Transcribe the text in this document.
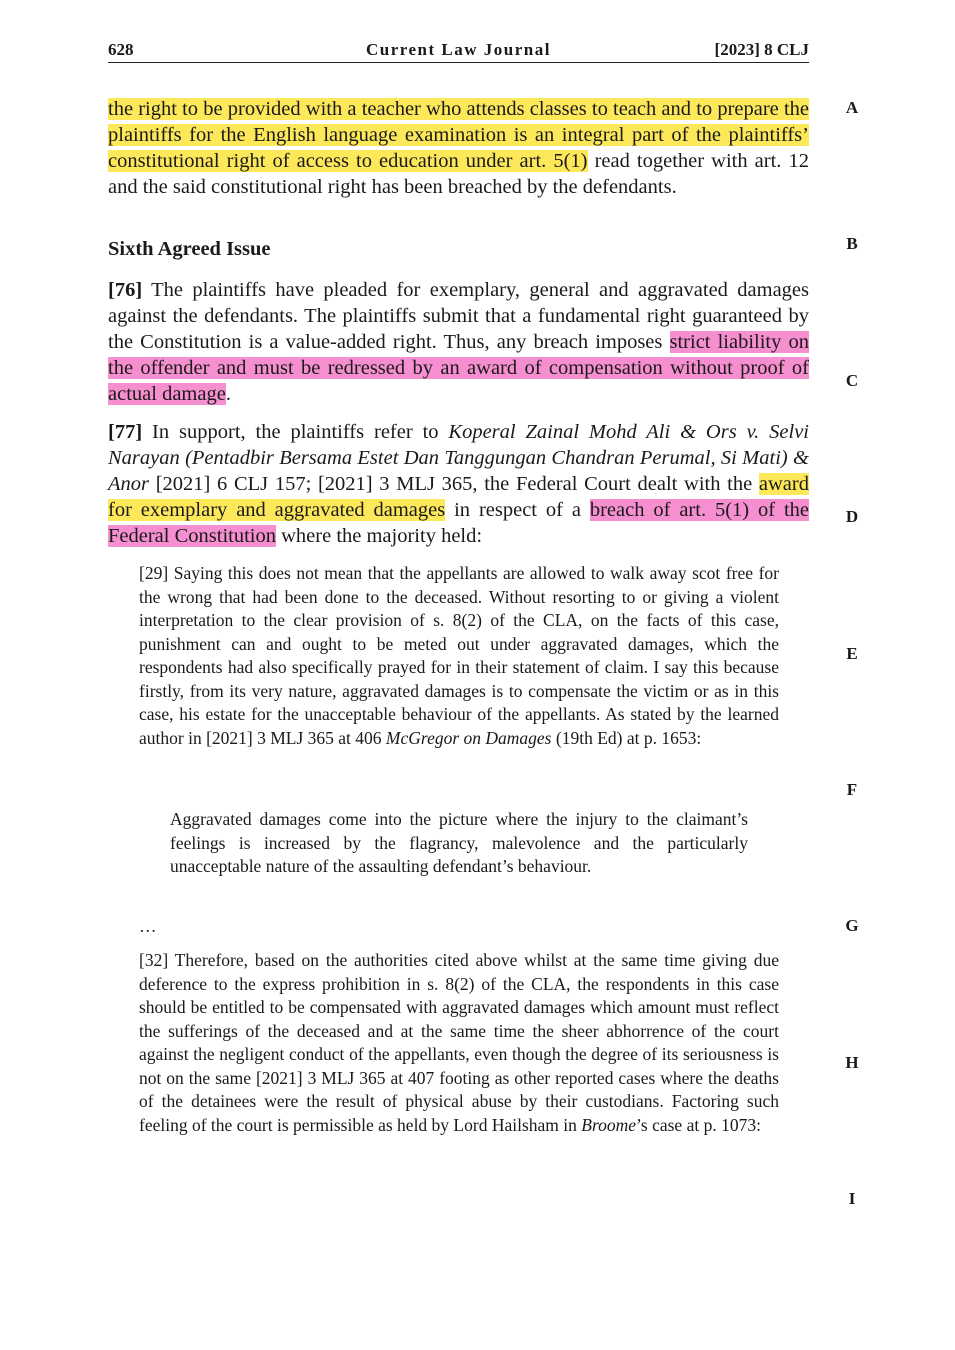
628	Current Law Journal	[2023] 8 CLJ
A
B
C
D
E
F
G
H
I

the right to be provided with a teacher who attends classes to teach and to prepare the plaintiffs for the English language examination is an integral part of the plaintiffs’ constitutional right of access to education under art. 5(1) read together with art. 12 and the said constitutional right has been breached by the defendants.

Sixth Agreed Issue

[76] The plaintiffs have pleaded for exemplary, general and aggravated damages against the defendants. The plaintiffs submit that a fundamental right guaranteed by the Constitution is a value-added right. Thus, any breach imposes strict liability on the offender and must be redressed by an award of compensation without proof of actual damage.

[77] In support, the plaintiffs refer to Koperal Zainal Mohd Ali & Ors v. Selvi Narayan (Pentadbir Bersama Estet Dan Tanggungan Chandran Perumal, Si Mati) & Anor [2021] 6 CLJ 157; [2021] 3 MLJ 365, the Federal Court dealt with the award for exemplary and aggravated damages in respect of a breach of art. 5(1) of the Federal Constitution where the majority held:

[29] Saying this does not mean that the appellants are allowed to walk away scot free for the wrong that had been done to the deceased. Without resorting to or giving a violent interpretation to the clear provision of s. 8(2) of the CLA, on the facts of this case, punishment can and ought to be meted out under aggravated damages, which the respondents had also specifically prayed for in their statement of claim. I say this because firstly, from its very nature, aggravated damages is to compensate the victim or as in this case, his estate for the unacceptable behaviour of the appellants. As stated by the learned author in [2021] 3 MLJ 365 at 406 McGregor on Damages (19th Ed) at p. 1653:

Aggravated damages come into the picture where the injury to the claimant’s feelings is increased by the flagrancy, malevolence and the particularly unacceptable nature of the assaulting defendant’s behaviour.

…

[32] Therefore, based on the authorities cited above whilst at the same time giving due deference to the express prohibition in s. 8(2) of the CLA, the respondents in this case should be entitled to be compensated with aggravated damages which amount must reflect the sufferings of the deceased and at the same time the sheer abhorrence of the court against the negligent conduct of the appellants, even though the degree of its seriousness is not on the same [2021] 3 MLJ 365 at 407 footing as other reported cases where the deaths of the detainees were the result of physical abuse by their custodians. Factoring such feeling of the court is permissible as held by Lord Hailsham in Broome’s case at p. 1073:
